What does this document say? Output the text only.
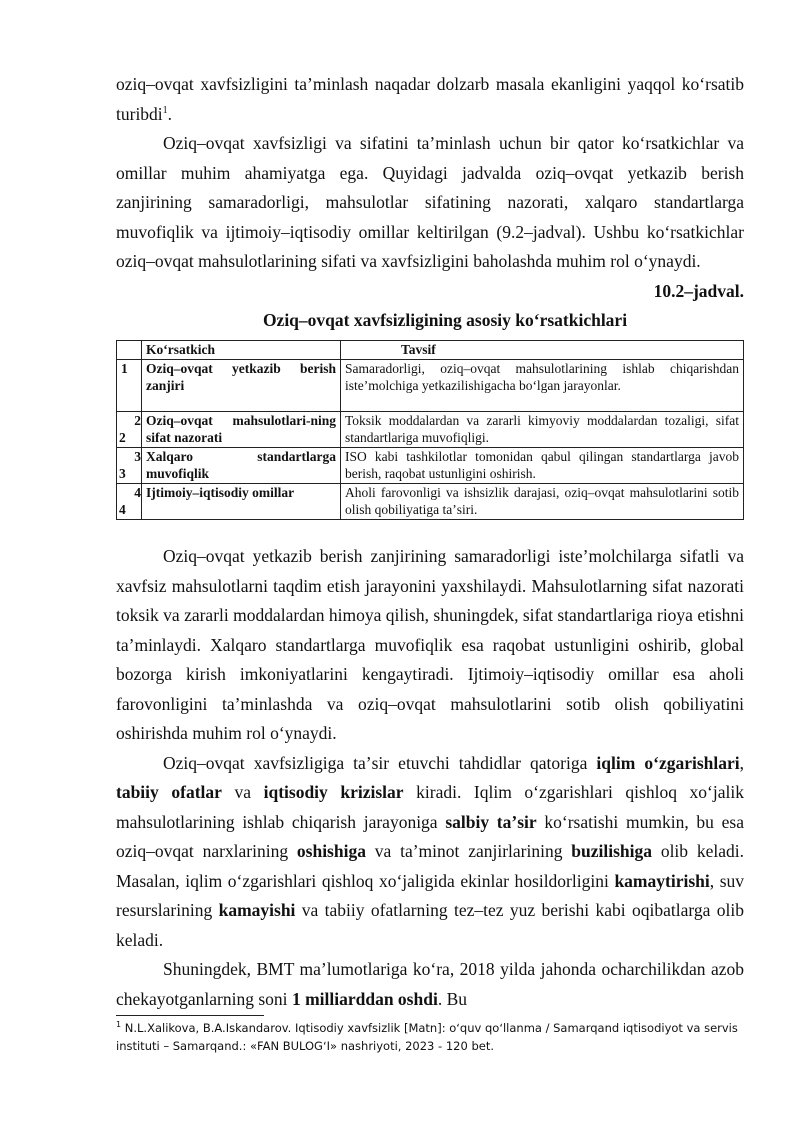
oziq–ovqat xavfsizligini taʼminlash naqadar dolzarb masala ekanligini yaqqol koʻrsatib turibdi$^1$.

Oziq–ovqat xavfsizligi va sifatini taʼminlash uchun bir qator koʻrsatkichlar va omillar muhim ahamiyatga ega. Quyidagi jadvalda oziq–ovqat yetkazib berish zanjirining samaradorligi, mahsulotlar sifatining nazorati, xalqaro standartlarga muvofiqlik va ijtimoiy–iqtisodiy omillar keltirilgan (9.2–jadval). Ushbu koʻrsatkichlar oziq–ovqat mahsulotlarining sifati va xavfsizligini baholashda muhim rol oʻynaydi.

10.2–jadval.

Oziq–ovqat xavfsizligining asosiy koʻrsatkichlari

	Koʻrsatkich	Tavsif

1	Oziq–ovqat yetkazib berish zanjiri	Samaradorligi, oziq–ovqat mahsulotlarining ishlab chiqarishdan isteʼmolchiga yetkazilishigacha boʻlgan jarayonlar.

2
2	Oziq–ovqat mahsulotlari-ning sifat nazorati	Toksik moddalardan va zararli kimyoviy moddalardan tozaligi, sifat standartlariga muvofiqligi.

3
3	Xalqaro standartlarga muvofiqlik	ISO kabi tashkilotlar tomonidan qabul qilingan standartlarga javob berish, raqobat ustunligini oshirish.

4
4	Ijtimoiy–iqtisodiy omillar	Aholi farovonligi va ishsizlik darajasi, oziq–ovqat mahsulotlarini sotib olish qobiliyatiga taʼsiri.

Oziq–ovqat yetkazib berish zanjirining samaradorligi isteʼmolchilarga sifatli va xavfsiz mahsulotlarni taqdim etish jarayonini yaxshilaydi. Mahsulotlarning sifat nazorati toksik va zararli moddalardan himoya qilish, shuningdek, sifat standartlariga rioya etishni taʼminlaydi. Xalqaro standartlarga muvofiqlik esa raqobat ustunligini oshirib, global bozorga kirish imkoniyatlarini kengaytiradi. Ijtimoiy–iqtisodiy omillar esa aholi farovonligini taʼminlashda va oziq–ovqat mahsulotlarini sotib olish qobiliyatini oshirishda muhim rol oʻynaydi.

Oziq–ovqat xavfsizligiga taʼsir etuvchi tahdidlar qatoriga iqlim oʻzgarishlari, tabiiy ofatlar va iqtisodiy krizislar kiradi. Iqlim oʻzgarishlari qishloq xoʻjalik mahsulotlarining ishlab chiqarish jarayoniga salbiy taʼsir koʻrsatishi mumkin, bu esa oziq–ovqat narxlarining oshishiga va taʼminot zanjirlarining buzilishiga olib keladi. Masalan, iqlim oʻzgarishlari qishloq xoʻjaligida ekinlar hosildorligini kamaytirishi, suv resurslarining kamayishi va tabiiy ofatlarning tez–tez yuz berishi kabi oqibatlarga olib keladi.

Shuningdek, BMT maʼlumotlariga koʻra, 2018 yilda jahonda ocharchilikdan azob chekayotganlarning soni 1 milliarddan oshdi. Bu

$^1$ N.L.Xalikova, B.A.Iskandarov. Iqtisodiy xavfsizlik [Matn]: oʻquv qoʻllanma / Samarqand iqtisodiyot va servis instituti – Samarqand.: «FAN BULOGʻI» nashriyoti, 2023 - 120 bet.
